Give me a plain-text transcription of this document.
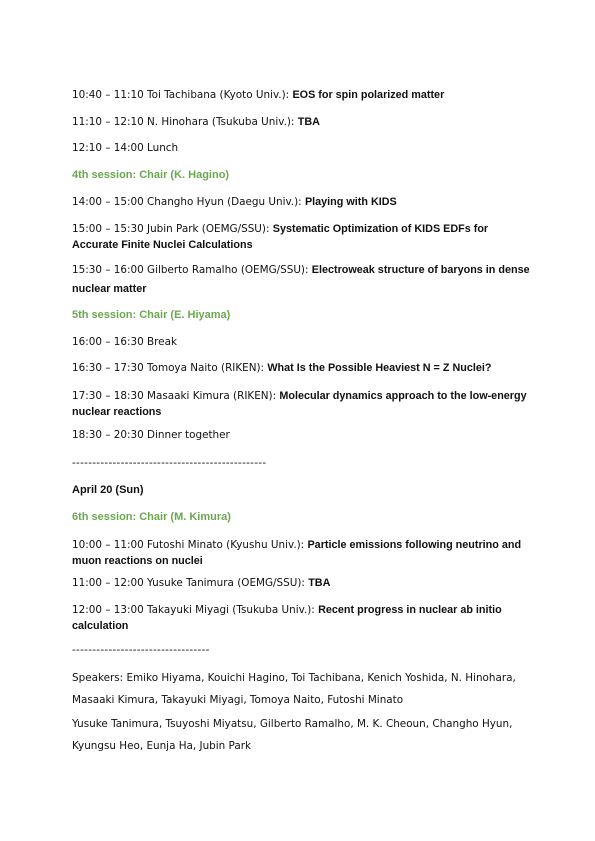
10:40 – 11:10 Toi Tachibana (Kyoto Univ.): EOS for spin polarized matter
11:10 – 12:10 N. Hinohara (Tsukuba Univ.): TBA
12:10 – 14:00 Lunch
4th session: Chair (K. Hagino)
14:00 – 15:00 Changho Hyun (Daegu Univ.): Playing with KIDS
15:00 – 15:30 Jubin Park (OEMG/SSU): Systematic Optimization of KIDS EDFs for Accurate Finite Nuclei Calculations
15:30 – 16:00 Gilberto Ramalho (OEMG/SSU): Electroweak structure of baryons in dense nuclear matter
5th session: Chair (E. Hiyama)
16:00 – 16:30 Break
16:30 – 17:30 Tomoya Naito (RIKEN): What Is the Possible Heaviest N = Z Nuclei?
17:30 – 18:30 Masaaki Kimura (RIKEN): Molecular dynamics approach to the low-energy nuclear reactions
18:30 – 20:30 Dinner together
------------------------------------------------
April 20 (Sun)
6th session: Chair (M. Kimura)
10:00 – 11:00 Futoshi Minato (Kyushu Univ.): Particle emissions following neutrino and muon reactions on nuclei
11:00 – 12:00 Yusuke Tanimura (OEMG/SSU): TBA
12:00 – 13:00 Takayuki Miyagi (Tsukuba Univ.): Recent progress in nuclear ab initio calculation
----------------------------------
Speakers: Emiko Hiyama, Kouichi Hagino, Toi Tachibana, Kenich Yoshida, N. Hinohara, Masaaki Kimura, Takayuki Miyagi, Tomoya Naito, Futoshi Minato
Yusuke Tanimura, Tsuyoshi Miyatsu, Gilberto Ramalho, M. K. Cheoun, Changho Hyun, Kyungsu Heo, Eunja Ha, Jubin Park
